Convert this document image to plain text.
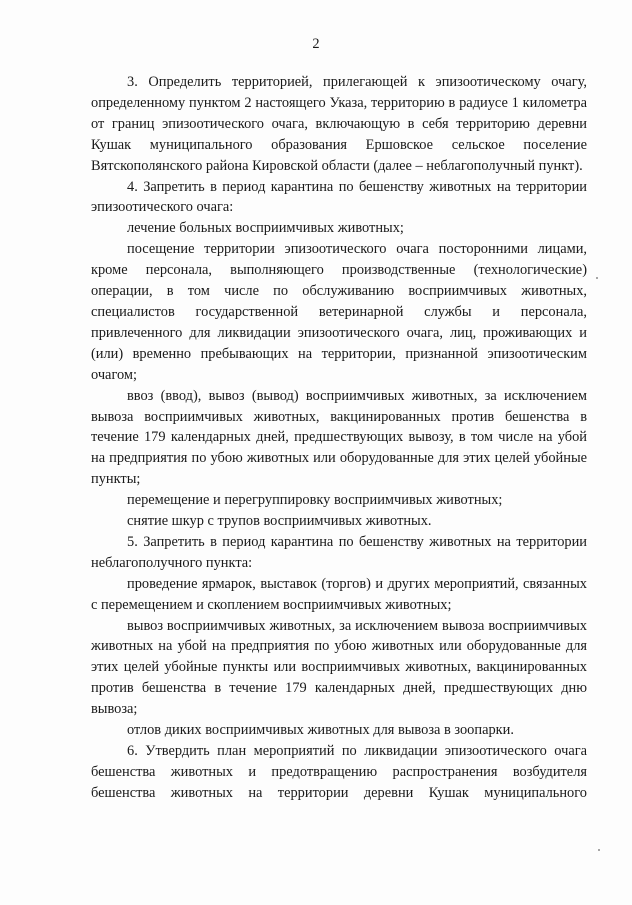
2

3. Определить территорией, прилегающей к эпизоотическому очагу, определенному пунктом 2 настоящего Указа, территорию в радиусе 1 километра от границ эпизоотического очага, включающую в себя территорию деревни Кушак муниципального образования Ершовское сельское поселение Вятскополянского района Кировской области (далее – неблагополучный пункт).

4. Запретить в период карантина по бешенству животных на территории эпизоотического очага:

лечение больных восприимчивых животных;

посещение территории эпизоотического очага посторонними лицами, кроме персонала, выполняющего производственные (технологические) операции, в том числе по обслуживанию восприимчивых животных, специалистов государственной ветеринарной службы и персонала, привлеченного для ликвидации эпизоотического очага, лиц, проживающих и (или) временно пребывающих на территории, признанной эпизоотическим очагом;

ввоз (ввод), вывоз (вывод) восприимчивых животных, за исключением вывоза восприимчивых животных, вакцинированных против бешенства в течение 179 календарных дней, предшествующих вывозу, в том числе на убой на предприятия по убою животных или оборудованные для этих целей убойные пункты;

перемещение и перегруппировку восприимчивых животных;

снятие шкур с трупов восприимчивых животных.

5. Запретить в период карантина по бешенству животных на территории неблагополучного пункта:

проведение ярмарок, выставок (торгов) и других мероприятий, связанных с перемещением и скоплением восприимчивых животных;

вывоз восприимчивых животных, за исключением вывоза восприимчивых животных на убой на предприятия по убою животных или оборудованные для этих целей убойные пункты или восприимчивых животных, вакцинированных против бешенства в течение 179 календарных дней, предшествующих дню вывоза;

отлов диких восприимчивых животных для вывоза в зоопарки.

6. Утвердить план мероприятий по ликвидации эпизоотического очага бешенства животных и предотвращению распространения возбудителя бешенства животных на территории деревни Кушак муниципального
